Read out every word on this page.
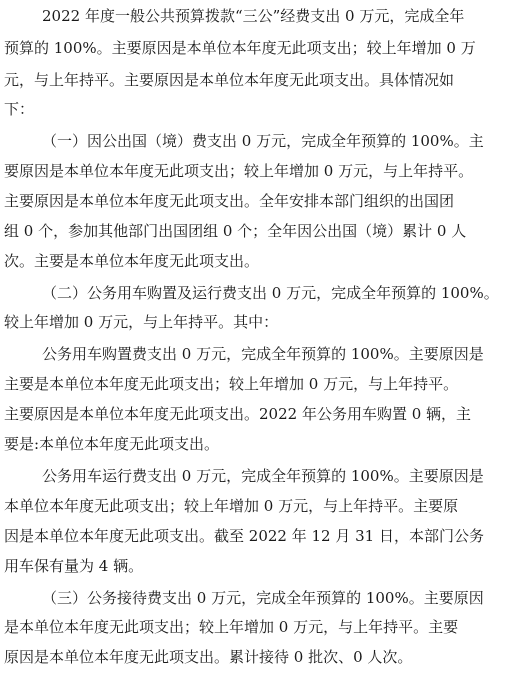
2022 年度一般公共预算拨款“三公”经费支出 0 万元，完成全年
预算的 100%。主要原因是本单位本年度无此项支出；较上年增加 0 万
元，与上年持平。主要原因是本单位本年度无此项支出。具体情况如
下：
（一）因公出国（境）费支出 0 万元，完成全年预算的 100%。主
要原因是本单位本年度无此项支出；较上年增加 0 万元，与上年持平。
主要原因是本单位本年度无此项支出。全年安排本部门组织的出国团
组 0 个，参加其他部门出国团组 0 个；全年因公出国（境）累计 0 人
次。主要是本单位本年度无此项支出。
（二）公务用车购置及运行费支出 0 万元，完成全年预算的 100%。
较上年增加 0 万元，与上年持平。其中：
公务用车购置费支出 0 万元，完成全年预算的 100%。主要原因是
主要是本单位本年度无此项支出；较上年增加 0 万元，与上年持平。
主要原因是本单位本年度无此项支出。2022 年公务用车购置 0 辆，主
要是:本单位本年度无此项支出。
公务用车运行费支出 0 万元，完成全年预算的 100%。主要原因是
本单位本年度无此项支出；较上年增加 0 万元，与上年持平。主要原
因是本单位本年度无此项支出。截至 2022 年 12 月 31 日，本部门公务
用车保有量为 4 辆。
（三）公务接待费支出 0 万元，完成全年预算的 100%。主要原因
是本单位本年度无此项支出；较上年增加 0 万元，与上年持平。主要
原因是本单位本年度无此项支出。累计接待 0 批次、0 人次。
